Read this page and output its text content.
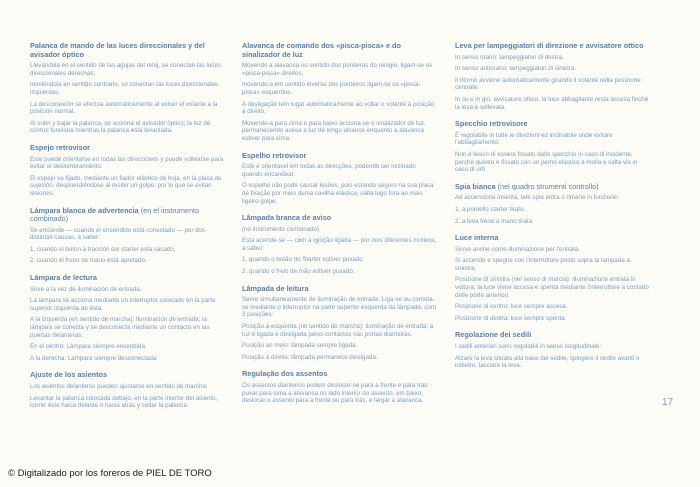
Palanca de mando de las luces direccionales y del avisador óptico
Llevándola en el sentido de las agujas del reloj, se conectan las luces direccionales derechas;
moviéndola en sentido contrario, se conectan las luces direccionales izquierdas.
La desconexión se efectúa automáticamente al volver el volante a la posición normal.
Al subir y bajar la palanca, se acciona el avisador óptico; la luz de control funciona mientras la palanca está levantada.
Espejo retrovisor
Este puede orientarse en todas las direcciones y puede voltearse para evitar el deslumbramiento.
El espejo va fijado, mediante un fiador elástico de hoja, en la placa de sujeción, desprendiéndose al recibir un golpe; por lo que se evitan lesiones.
Lámpara blanca de advertencia (en el instrumento combinado)
Se enciende — cuando el encendido está conectado — por dos distintas causas, a saber:
1. cuando el botón a tracción del starter está sacado,
2. cuando el freno de mano está apretado.
Lámpara de lectura
Sirve a la vez de iluminación de entrada.
La lámpara se acciona mediante un interruptor colocado en la parte superior izquierda de ésta.
A la izquierda (en sentido de marcha): Iluminación de entrada; la lámpara se conecta y se desconecta mediante un contacto en las puertas delanteras.
En el centro: Lámpara siempre encendida.
A la derecha: Lámpara siempre desconectada.
Ajuste de los asientos
Los asientos delanteros pueden ajustarse en sentido de marcha:
Levantar la palanca colocada debajo, en la parte interior del asiento, correr éste hacia delante o hacia atrás y soltar la palanca.
Alavanca de comando dos «pisca-pisca» e do sinalizador de luz
Movendo a alavanca no sentido dos ponteiros do relógio, ligam-se os «pisca-pisca» direitos;
movendo-a em sentido inverso dos ponteiros ligam-se os «pisca-pisca» esquerdos.
A desligação tem lugar automaticamente ao voltar o volante à posição a direito.
Movendo-a para cima e para baixo acciona-se o sinalizador de luz, permanecendo acesa a luz de longo alcance enquanto a alavanca estiver para cima.
Espelho retrovisor
Este é orientável em todas as direcções, podendo ser inclinado quando encandear.
O espelho não pode causar lesões, pois estando seguro na sua placa de fixação por meio duma cavilha elástica, salta logo fora ao mais ligeiro golpe.
Lâmpada branca de aviso
(no instrumento combinado)
Esta acende-se — com a ignição ligada — por dois diferentes motivos, a saber:
1. quando o botão do Starter estiver puxado
2. quando o freio de mão estiver puxado.
Lâmpada de leitura
Serve simultaneamente de iluminação de entrada. Liga-se ou comuta-se mediante o interruptor na parte superior esquerda da lâmpada, com 3 posições:
Posição à esquerda (no sentido de marcha): iluminação de entrada; a luz é ligada e desligada pelos contactos nas portas dianteiras.
Posição ao meio: lâmpada sempre ligada.
Posição à direita: lâmpada permanece desligada.
Regulação dos assentos
Os assentos dianteiros podem deslocar-se para a frente e para trás: puxar para cima a alavanca no lado interior do assento, em baixo, deslocar o assento para a frente ou para trás, e largar a alavanca.
Leva per lampeggiatori di direzione e avvisatore ottico
In senso orario: lampeggiatori di destra.
In senso antiorario: lampeggiatori di sinistra.
Il ritorno avviene automaticamente girando il volante nella posizione centrale.
In su e in giù: avvisatore ottico; la luce abbagliante resta accesa finchè la leva è sollevata.
Specchio retrovisore
È regolabile in tutte le direzioni ed inclinabile onde evitare l'abbagliamento.
Non è lesivo di essere fissato dallo specchio in caso di incidente, perchè questo è fissato con un perno elastico a molla e salta via in caso di urti.
Spia bianca (nel quadro strumenti controllo)
Ad accensione inserita, tale spia entra o rimane in funzione:
1. a pomello starter tirato,
2. a leva freno a mano tirata.
Luce interna
Serve anche come illuminazione per l'entrata.
Si accende e spegne con l'interruttore posto sopra la lampada a sinistra.
Posizione di sinistra (nel senso di marcia): illuminazione entrata in vettura; la luce viene accesa e spenta mediante l'interruttore a contatto delle porte anteriori.
Posizione di centro: luce sempre accesa.
Posizione di destra: luce sempre spenta.
Regolazione dei sedili
I sedili anteriori sono regolabili in senso longitudinale:
Alzare la leva situata alla base del sedile, spingere il sedile avanti o indietro, lasciare la leva.
17
© Digitalizado por los foreros de PIEL DE TORO
